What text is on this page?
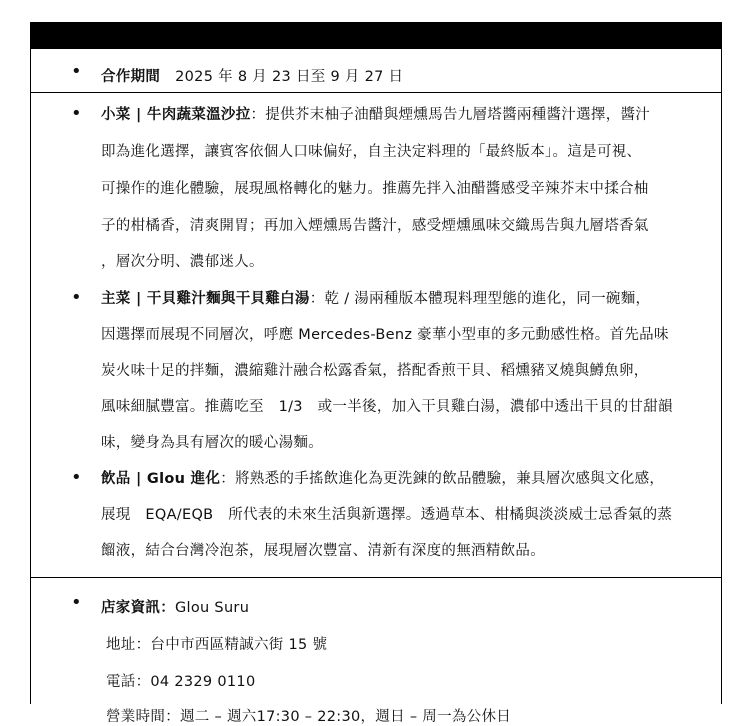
• 合作期間 2025 年 8 月 23 日至 9 月 27 日
• 小菜 | 牛肉蔬菜溫沙拉：提供芥末柚子油醋與煙燻馬告九層塔醬兩種醬汁選擇，醬汁
即為進化選擇，讓賓客依個人口味偏好，自主決定料理的「最終版本」。這是可視、
可操作的進化體驗，展現風格轉化的魅力。推薦先拌入油醋醬感受辛辣芥末中揉合柚
子的柑橘香，清爽開胃；再加入煙燻馬告醬汁，感受煙燻風味交織馬告與九層塔香氣
，層次分明、濃郁迷人。
• 主菜 | 干貝雞汁麵與干貝雞白湯：乾 / 湯兩種版本體現料理型態的進化，同一碗麵，
因選擇而展現不同層次，呼應 Mercedes-Benz 豪華小型車的多元動感性格。首先品味
炭火味十足的拌麵，濃縮雞汁融合松露香氣，搭配香煎干貝、稻燻豬叉燒與鱒魚卵，
風味細膩豐富。推薦吃至　1/3　或一半後，加入干貝雞白湯，濃郁中透出干貝的甘甜韻
味，變身為具有層次的暖心湯麵。
• 飲品 | Glou 進化：將熟悉的手搖飲進化為更洗鍊的飲品體驗，兼具層次感與文化感，
展現　EQA/EQB　所代表的未來生活與新選擇。透過草本、柑橘與淡淡威士忌香氣的蒸
餾液，結合台灣冷泡茶，展現層次豐富、清新有深度的無酒精飲品。
• 店家資訊：Glou Suru
地址：台中市西區精誠六街 15 號
電話：04 2329 0110
營業時間：週二 – 週六17:30 – 22:30，週日 – 周一為公休日
